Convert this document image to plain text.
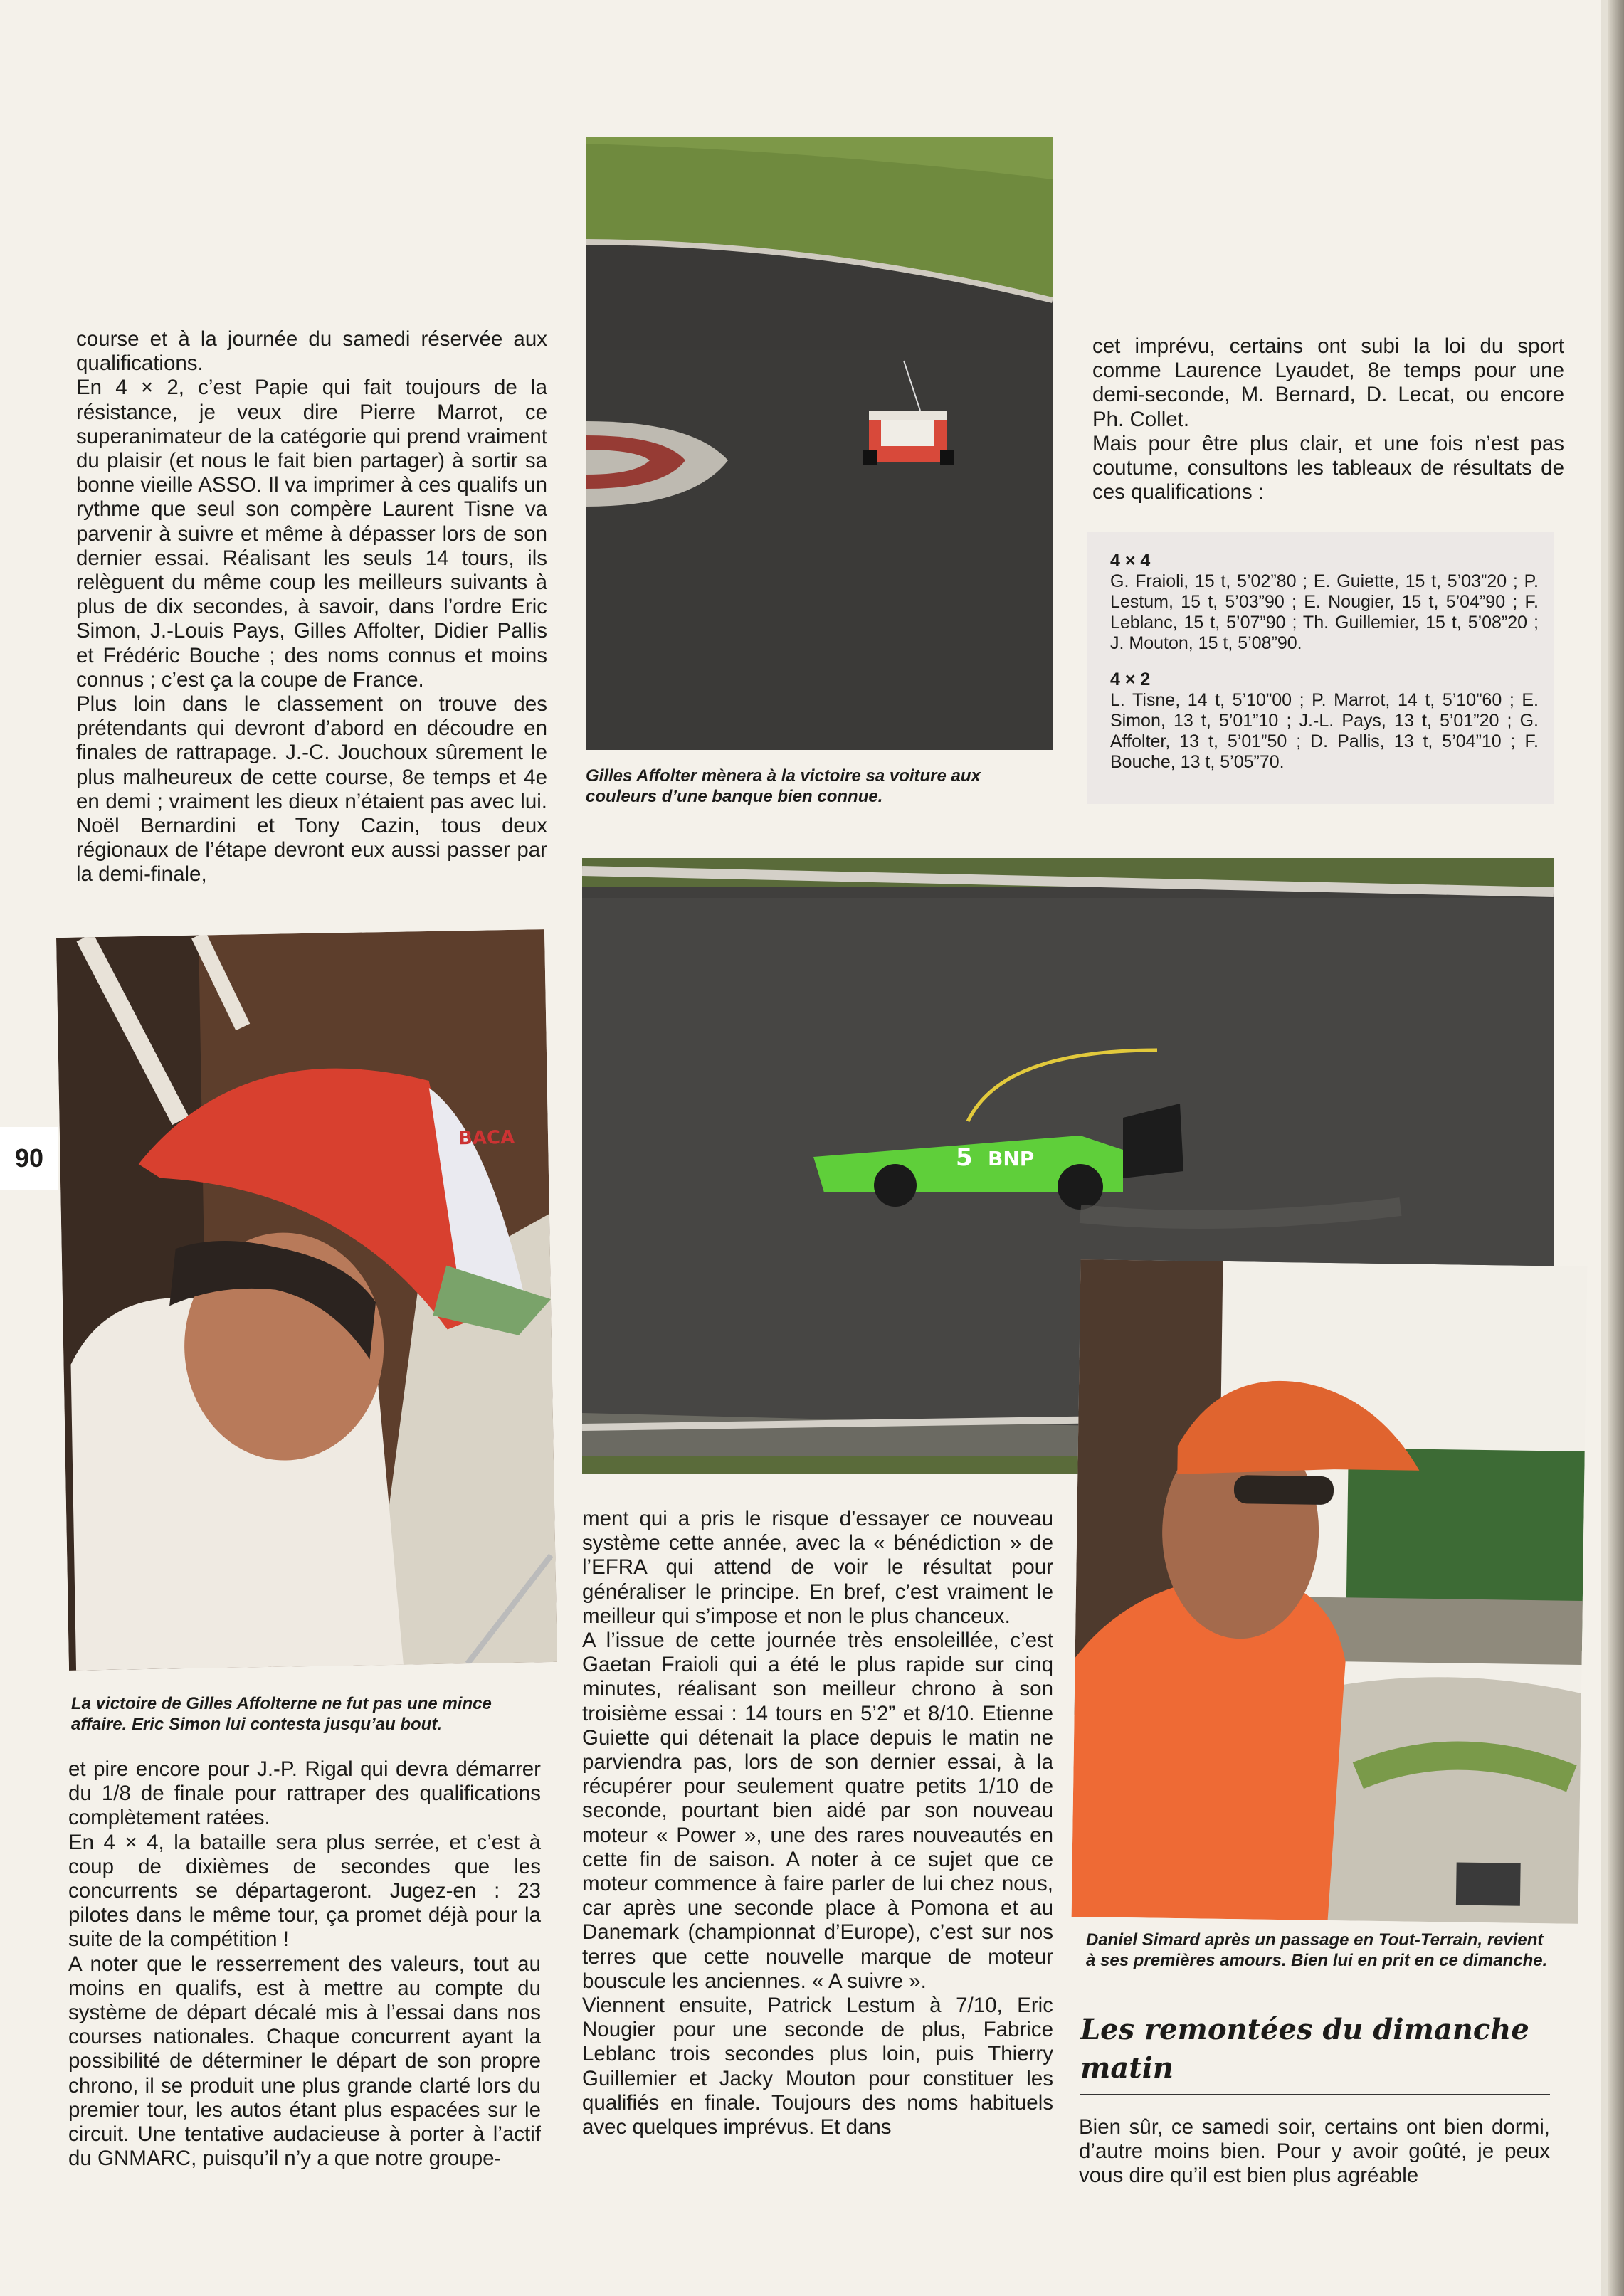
course et à la journée du samedi réservée aux qualifications.

En 4 × 2, c’est Papie qui fait toujours de la résistance, je veux dire Pierre Marrot, ce superanimateur de la catégorie qui prend vraiment du plaisir (et nous le fait bien partager) à sortir sa bonne vieille ASSO. Il va imprimer à ces qualifs un rythme que seul son compère Laurent Tisne va parvenir à suivre et même à dépasser lors de son dernier essai. Réalisant les seuls 14 tours, ils relèguent du même coup les meilleurs suivants à plus de dix secondes, à savoir, dans l’ordre Eric Simon, J.-Louis Pays, Gilles Affolter, Didier Pallis et Frédéric Bouche ; des noms connus et moins connus ; c’est ça la coupe de France.

Plus loin dans le classement on trouve des prétendants qui devront d’abord en découdre en finales de rattrapage. J.-C. Jouchoux sûrement le plus malheureux de cette course, 8e temps et 4e en demi ; vraiment les dieux n’étaient pas avec lui. Noël Bernardini et Tony Cazin, tous deux régionaux de l’étape devront eux aussi passer par la demi-finale,

Gilles Affolter mènera à la victoire sa voiture aux couleurs d’une banque bien connue.

cet imprévu, certains ont subi la loi du sport comme Laurence Lyaudet, 8e temps pour une demi-seconde, M. Bernard, D. Lecat, ou encore Ph. Collet.

Mais pour être plus clair, et une fois n’est pas coutume, consultons les tableaux de résultats de ces qualifications :

4 × 4

G. Fraioli, 15 t, 5’02”80 ; E. Guiette, 15 t, 5’03”20 ; P. Lestum, 15 t, 5’03”90 ; E. Nougier, 15 t, 5’04”90 ; F. Leblanc, 15 t, 5’07”90 ; Th. Guillemier, 15 t, 5’08”20 ; J. Mouton, 15 t, 5’08”90.

4 × 2

L. Tisne, 14 t, 5’10”00 ; P. Marrot, 14 t, 5’10”60 ; E. Simon, 13 t, 5’01”10 ; J.-L. Pays, 13 t, 5’01”20 ; G. Affolter, 13 t, 5’01”50 ; D. Pallis, 13 t, 5’04”10 ; F. Bouche, 13 t, 5’05”70.

5 BNP
BACA
La victoire de Gilles Affolterne ne fut pas une mince affaire. Eric Simon lui contesta jusqu’au bout.
90

et pire encore pour J.-P. Rigal qui devra démarrer du 1/8 de finale pour rattraper des qualifications complètement ratées.

En 4 × 4, la bataille sera plus serrée, et c’est à coup de dixièmes de secondes que les concurrents se départageront. Jugez-en : 23 pilotes dans le même tour, ça promet déjà pour la suite de la compétition !

A noter que le resserrement des valeurs, tout au moins en qualifs, est à mettre au compte du système de départ décalé mis à l’essai dans nos courses nationales. Chaque concurrent ayant la possibilité de déterminer le départ de son propre chrono, il se produit une plus grande clarté lors du premier tour, les autos étant plus espacées sur le circuit. Une tentative audacieuse à porter à l’actif du GNMARC, puisqu’il n’y a que notre groupe-

ment qui a pris le risque d’essayer ce nouveau système cette année, avec la « bénédiction » de l’EFRA qui attend de voir le résultat pour généraliser le principe. En bref, c’est vraiment le meilleur qui s’impose et non le plus chanceux.

A l’issue de cette journée très ensoleillée, c’est Gaetan Fraioli qui a été le plus rapide sur cinq minutes, réalisant son meilleur chrono à son troisième essai : 14 tours en 5’2” et 8/10. Etienne Guiette qui détenait la place depuis le matin ne parviendra pas, lors de son dernier essai, à la récupérer pour seulement quatre petits 1/10 de seconde, pourtant bien aidé par son nouveau moteur « Power », une des rares nouveautés en cette fin de saison. A noter à ce sujet que ce moteur commence à faire parler de lui chez nous, car après une seconde place à Pomona et au Danemark (championnat d’Europe), c’est sur nos terres que cette nouvelle marque de moteur bouscule les anciennes. « A suivre ».

Viennent ensuite, Patrick Lestum à 7/10, Eric Nougier pour une seconde de plus, Fabrice Leblanc trois secondes plus loin, puis Thierry Guillemier et Jacky Mouton pour constituer les qualifiés en finale. Toujours des noms habituels avec quelques imprévus. Et dans

Daniel Simard après un passage en Tout-Terrain, revient à ses premières amours. Bien lui en prit en ce dimanche.
Les remontées du dimanche matin

Bien sûr, ce samedi soir, certains ont bien dormi, d’autre moins bien. Pour y avoir goûté, je peux vous dire qu’il est bien plus agréable
